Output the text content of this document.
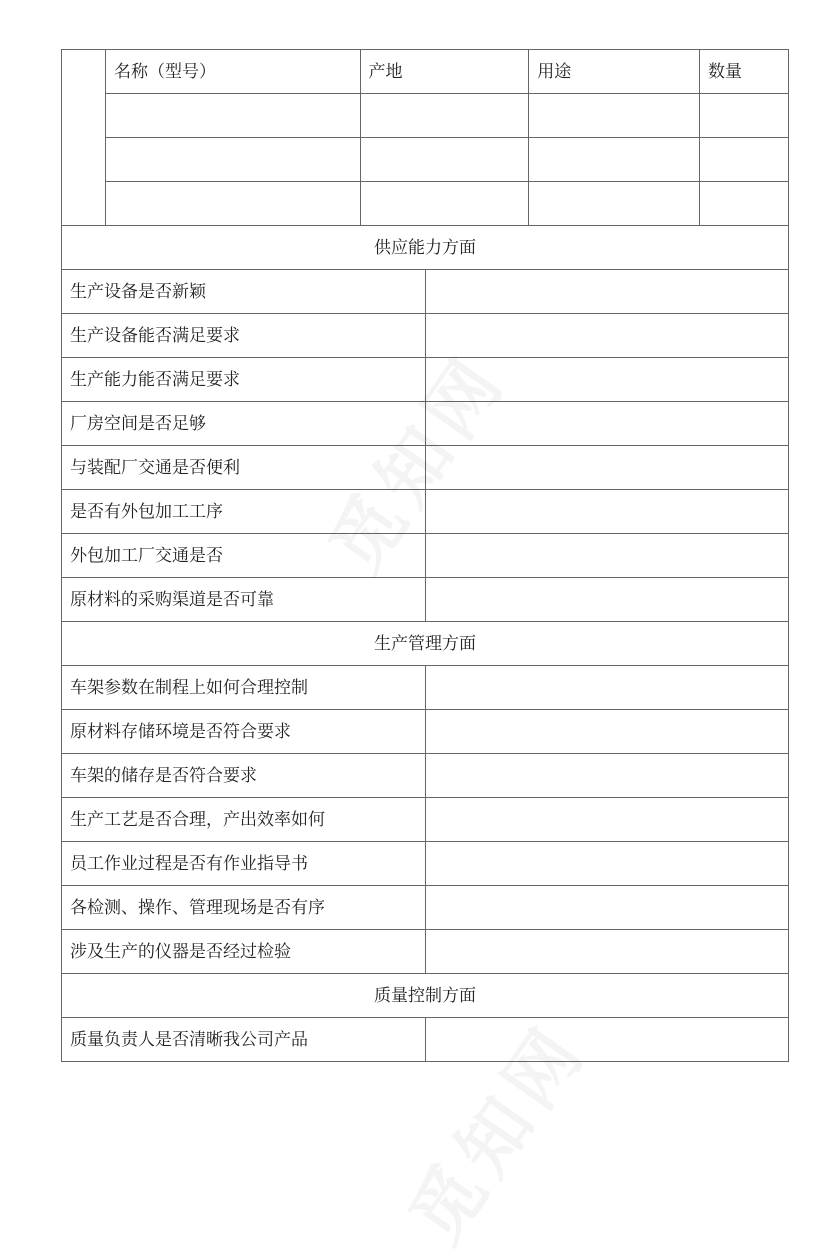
	名称（型号）	产地	用途	数量

供应能力方面	
生产设备是否新颖	
生产设备能否满足要求	
生产能力能否满足要求	
厂房空间是否足够	
与装配厂交通是否便利	
是否有外包加工工序	
外包加工厂交通是否	
原材料的采购渠道是否可靠	
生产管理方面	
车架参数在制程上如何合理控制	
原材料存储环境是否符合要求	
车架的储存是否符合要求	
生产工艺是否合理，产出效率如何	
员工作业过程是否有作业指导书	
各检测、操作、管理现场是否有序	
涉及生产的仪器是否经过检验	
质量控制方面	
质量负责人是否清晰我公司产品	
